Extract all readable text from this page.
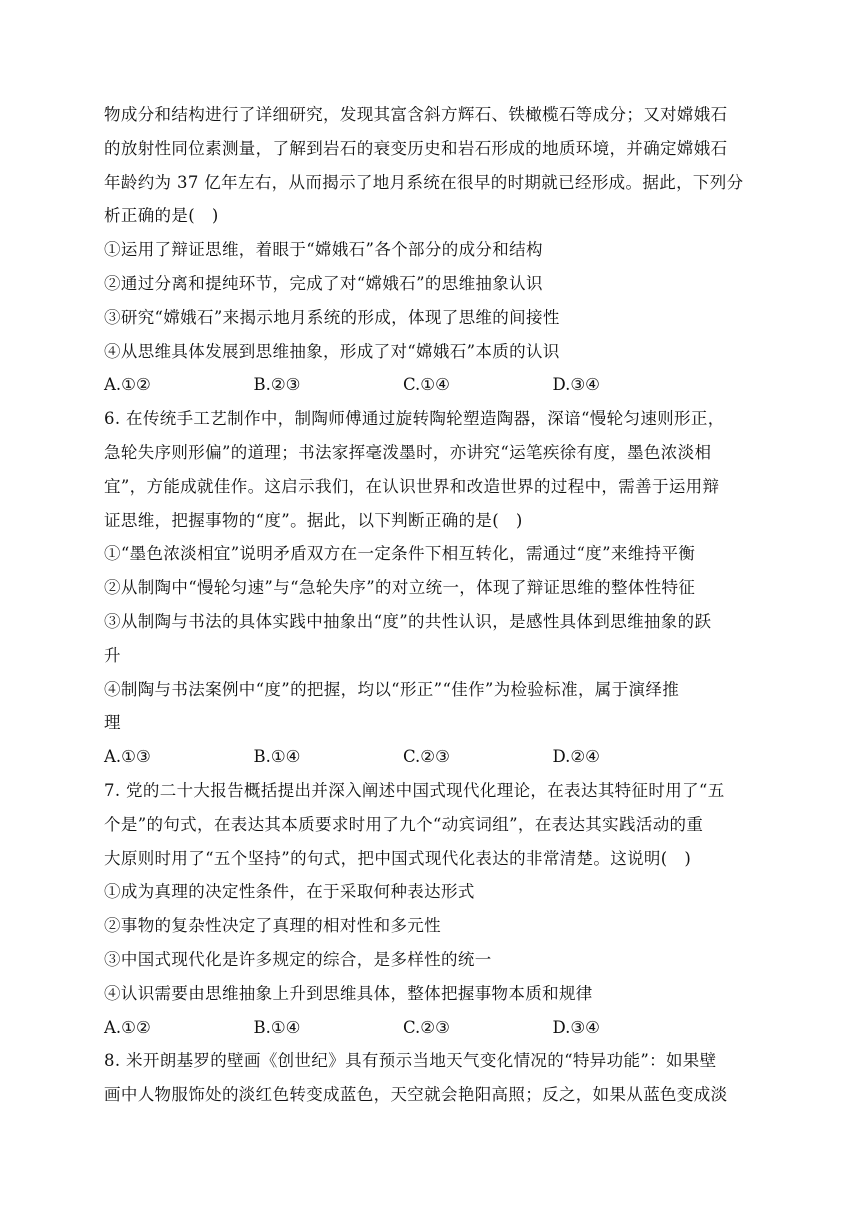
物成分和结构进行了详细研究，发现其富含斜方辉石、铁橄榄石等成分；又对嫦娥石
的放射性同位素测量，了解到岩石的衰变历史和岩石形成的地质环境，并确定嫦娥石
年龄约为 37 亿年左右，从而揭示了地月系统在很早的时期就已经形成。据此，下列分
析正确的是(　)
①运用了辩证思维，着眼于“嫦娥石”各个部分的成分和结构
②通过分离和提纯环节，完成了对“嫦娥石”的思维抽象认识
③研究“嫦娥石”来揭示地月系统的形成，体现了思维的间接性
④从思维具体发展到思维抽象，形成了对“嫦娥石”本质的认识
A.①②	B.②③	C.①④	D.③④
6. 在传统手工艺制作中，制陶师傅通过旋转陶轮塑造陶器，深谙“慢轮匀速则形正，
急轮失序则形偏”的道理；书法家挥毫泼墨时，亦讲究“运笔疾徐有度，墨色浓淡相
宜”，方能成就佳作。这启示我们，在认识世界和改造世界的过程中，需善于运用辩
证思维，把握事物的“度”。据此，以下判断正确的是(　)
①“墨色浓淡相宜”说明矛盾双方在一定条件下相互转化，需通过“度”来维持平衡
②从制陶中“慢轮匀速”与“急轮失序”的对立统一，体现了辩证思维的整体性特征
③从制陶与书法的具体实践中抽象出“度”的共性认识，是感性具体到思维抽象的跃
升
④制陶与书法案例中“度”的把握，均以“形正”“佳作”为检验标准，属于演绎推
理
A.①③	B.①④	C.②③	D.②④
7. 党的二十大报告概括提出并深入阐述中国式现代化理论，在表达其特征时用了“五
个是”的句式，在表达其本质要求时用了九个“动宾词组”，在表达其实践活动的重
大原则时用了“五个坚持”的句式，把中国式现代化表达的非常清楚。这说明(　)
①成为真理的决定性条件，在于采取何种表达形式
②事物的复杂性决定了真理的相对性和多元性
③中国式现代化是许多规定的综合，是多样性的统一
④认识需要由思维抽象上升到思维具体，整体把握事物本质和规律
A.①②	B.①④	C.②③	D.③④
8. 米开朗基罗的壁画《创世纪》具有预示当地天气变化情况的“特异功能”：如果壁
画中人物服饰处的淡红色转变成蓝色，天空就会艳阳高照；反之，如果从蓝色变成淡
